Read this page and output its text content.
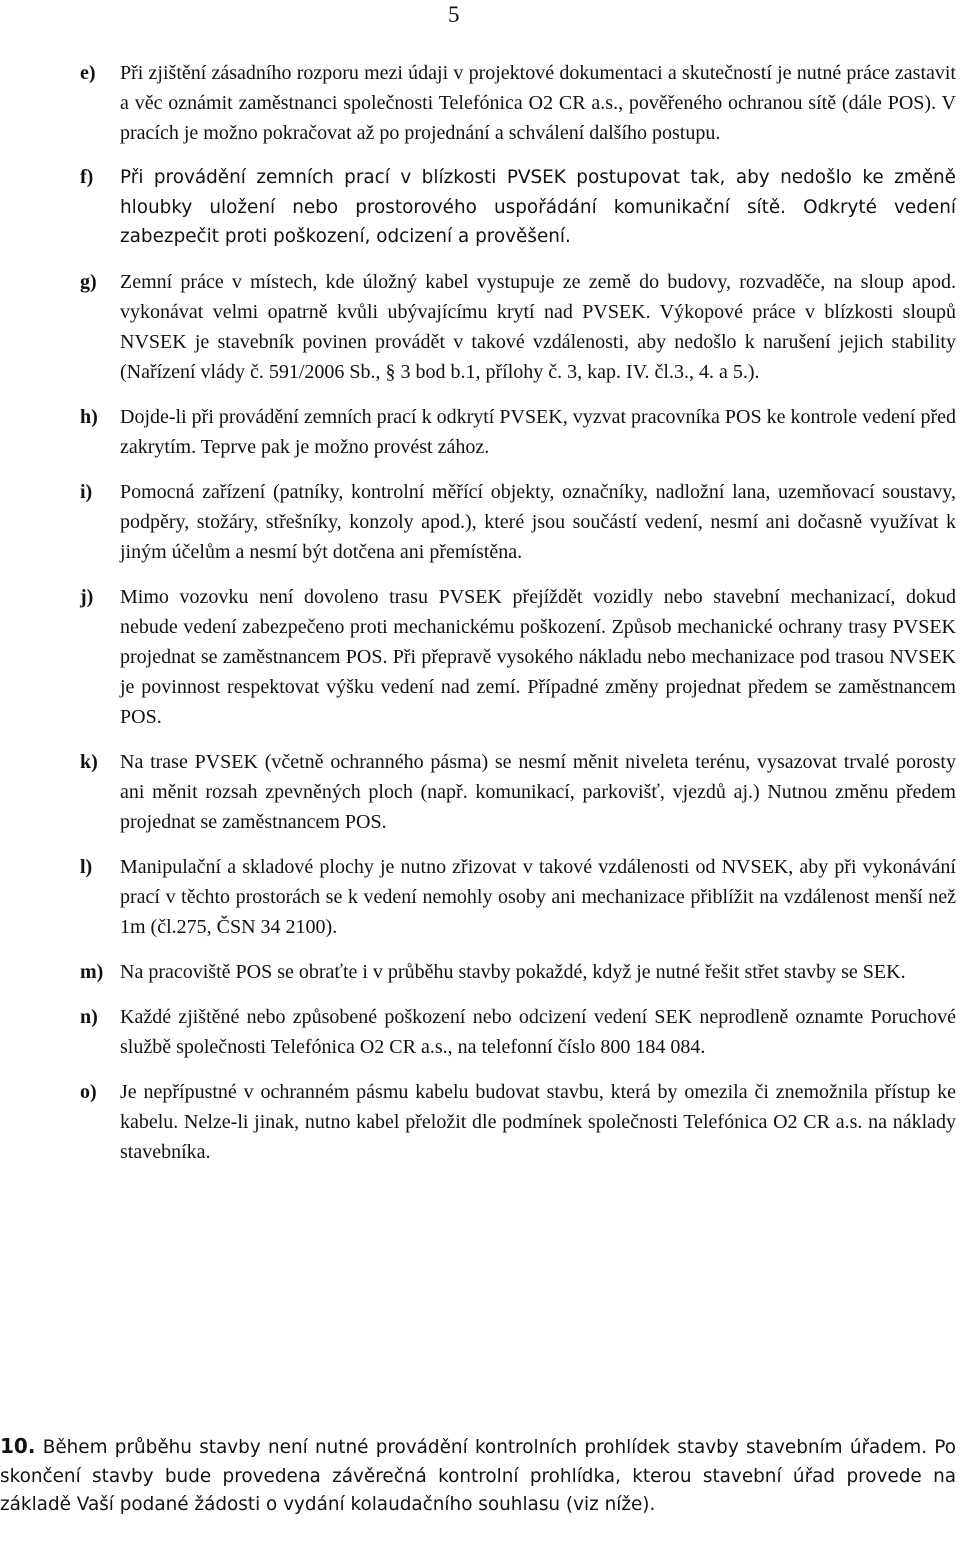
5
e)	Při zjištění zásadního rozporu mezi údaji v projektové dokumentaci a skutečností je nutné práce zastavit a věc oznámit zaměstnanci společnosti Telefónica O2 CR a.s., pověřeného ochranou sítě (dále POS). V pracích je možno pokračovat až po projednání a schválení dalšího postupu.
f)	Při provádění zemních prací v blízkosti PVSEK postupovat tak, aby nedošlo ke změně hloubky uložení nebo prostorového uspořádání komunikační sítě. Odkryté vedení zabezpečit proti poškození, odcizení a prověšení.
g)	Zemní práce v místech, kde úložný kabel vystupuje ze země do budovy, rozvaděče, na sloup apod. vykonávat velmi opatrně kvůli ubývajícímu krytí nad PVSEK. Výkopové práce v blízkosti sloupů NVSEK je stavebník povinen provádět v takové vzdálenosti, aby nedošlo k narušení jejich stability (Nařízení vlády č. 591/2006 Sb., § 3 bod b.1, přílohy č. 3, kap. IV. čl.3., 4. a 5.).
h)	Dojde-li při provádění zemních prací k odkrytí PVSEK, vyzvat pracovníka POS ke kontrole vedení před zakrytím. Teprve pak je možno provést zához.
i)	Pomocná zařízení (patníky, kontrolní měřící objekty, označníky, nadložní lana, uzemňovací soustavy, podpěry, stožáry, střešníky, konzoly apod.), které jsou součástí vedení, nesmí ani dočasně využívat k jiným účelům a nesmí být dotčena ani přemístěna.
j)	Mimo vozovku není dovoleno trasu PVSEK přejíždět vozidly nebo stavební mechanizací, dokud nebude vedení zabezpečeno proti mechanickému poškození. Způsob mechanické ochrany trasy PVSEK projednat se zaměstnancem POS. Při přepravě vysokého nákladu nebo mechanizace pod trasou NVSEK je povinnost respektovat výšku vedení nad zemí. Případné změny projednat předem se zaměstnancem POS.
k)	Na trase PVSEK (včetně ochranného pásma) se nesmí měnit niveleta terénu, vysazovat trvalé porosty ani měnit rozsah zpevněných ploch (např. komunikací, parkovišť, vjezdů aj.) Nutnou změnu předem projednat se zaměstnancem POS.
l)	Manipulační a skladové plochy je nutno zřizovat v takové vzdálenosti od NVSEK, aby při vykonávání prací v těchto prostorách se k vedení nemohly osoby ani mechanizace přiblížit na vzdálenost menší než 1m (čl.275, ČSN 34 2100).
m) Na pracoviště POS se obraťte i v průběhu stavby pokaždé, když je nutné řešit střet stavby se SEK.
n)	Každé zjištěné nebo způsobené poškození nebo odcizení vedení SEK neprodleně oznamte Poruchové službě společnosti Telefónica O2 CR a.s., na telefonní číslo 800 184 084.
o)	Je nepřípustné v ochranném pásmu kabelu budovat stavbu, která by omezila či znemožnila přístup ke kabelu. Nelze-li jinak, nutno kabel přeložit dle podmínek společnosti Telefónica O2 CR a.s. na náklady stavebníka.
10. Během průběhu stavby není nutné provádění kontrolních prohlídek stavby stavebním úřadem. Po skončení stavby bude provedena závěrečná kontrolní prohlídka, kterou stavební úřad provede na základě Vaší podané žádosti o vydání kolaudačního souhlasu (viz níže).
